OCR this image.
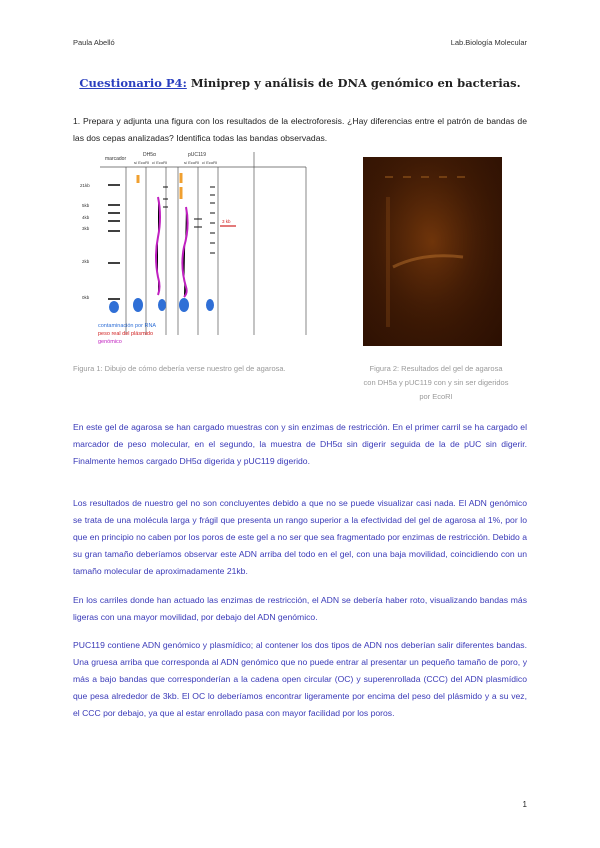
Paula Abelló	Lab.Biología Molecular
Cuestionario P4: Miniprep y análisis de DNA genómico en bacterias.
1. Prepara y adjunta una figura con los resultados de la electroforesis. ¿Hay diferencias entre el patrón de bandas de las dos cepas analizadas? Identifica todas las bandas observadas.
marcador
DH5α	pUC119
s/ EcoRI c/ EcoRI	s/ EcoRI c/ EcoRI
21kb
5kb
4kb
3kb
2kb
0kb
3 kb
contaminación por RNA
peso real del plásmido
genómico
Figura 1: Dibujo de cómo debería verse nuestro gel de agarosa.	Figura 2: Resultados del gel de agarosa
con DH5a y pUC119 con y sin ser digeridos
por EcoRI
En este gel de agarosa se han cargado muestras con y sin enzimas de restricción. En el primer carril se ha cargado el marcador de peso molecular, en el segundo, la muestra de DH5α sin digerir seguida de la de pUC sin digerir. Finalmente hemos cargado DH5α digerida y pUC119 digerido.
Los resultados de nuestro gel no son concluyentes debido a que no se puede visualizar casi nada. El ADN genómico se trata de una molécula larga y frágil que presenta un rango superior a la efectividad del gel de agarosa al 1%, por lo que en principio no caben por los poros de este gel a no ser que sea fragmentado por enzimas de restricción. Debido a su gran tamaño deberíamos observar este ADN arriba del todo en el gel, con una baja movilidad, coincidiendo con un tamaño molecular de aproximadamente 21kb.
En los carriles donde han actuado las enzimas de restricción, el ADN se debería haber roto, visualizando bandas más ligeras con una mayor movilidad, por debajo del ADN genómico.
PUC119 contiene ADN genómico y plasmídico; al contener los dos tipos de ADN nos deberían salir diferentes bandas. Una gruesa arriba que corresponda al ADN genómico que no puede entrar al presentar un pequeño tamaño de poro, y más a bajo bandas que corresponderían a la cadena open circular (OC) y superenrollada (CCC) del ADN plasmídico que pesa alrededor de 3kb. El OC lo deberíamos encontrar ligeramente por encima del peso del plásmido y a su vez, el CCC por debajo, ya que al estar enrollado pasa con mayor facilidad por los poros.
1
